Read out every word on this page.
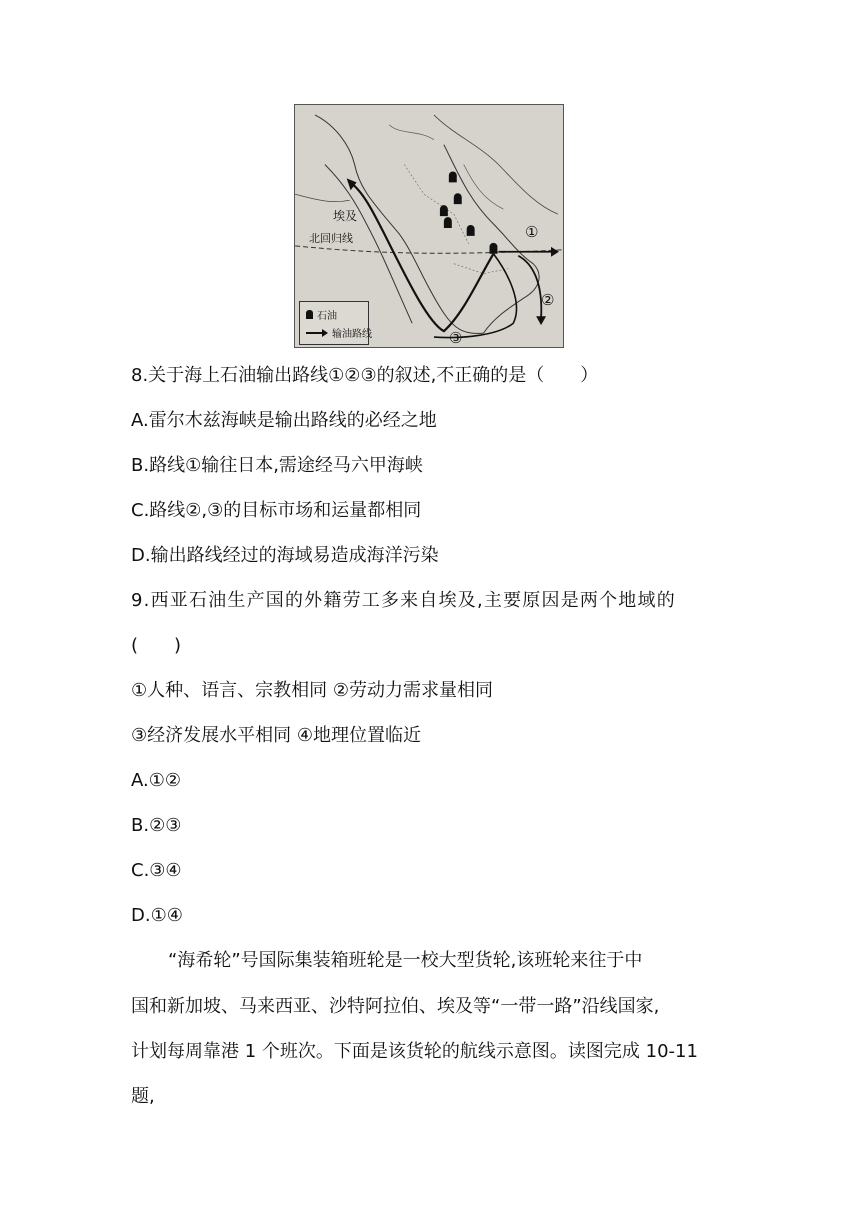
埃及
北回归线	①
②
③
石油
输油路线
8.关于海上石油输出路线①②③的叙述,不正确的是（　　）
A.雷尔木兹海峡是输出路线的必经之地
B.路线①输往日本,需途经马六甲海峡
C.路线②,③的目标市场和运量都相同
D.输出路线经过的海域易造成海洋污染
9.西亚石油生产国的外籍劳工多来自埃及,主要原因是两个地域的
(　　)
①人种、语言、宗教相同 ②劳动力需求量相同
③经济发展水平相同 ④地理位置临近
A.①②
B.②③
C.③④
D.①④
“海希轮”号国际集装箱班轮是一校大型货轮,该班轮来往于中
国和新加坡、马来西亚、沙特阿拉伯、埃及等“一带一路”沿线国家,
计划每周靠港 1 个班次。下面是该货轮的航线示意图。读图完成 10-11
题,
